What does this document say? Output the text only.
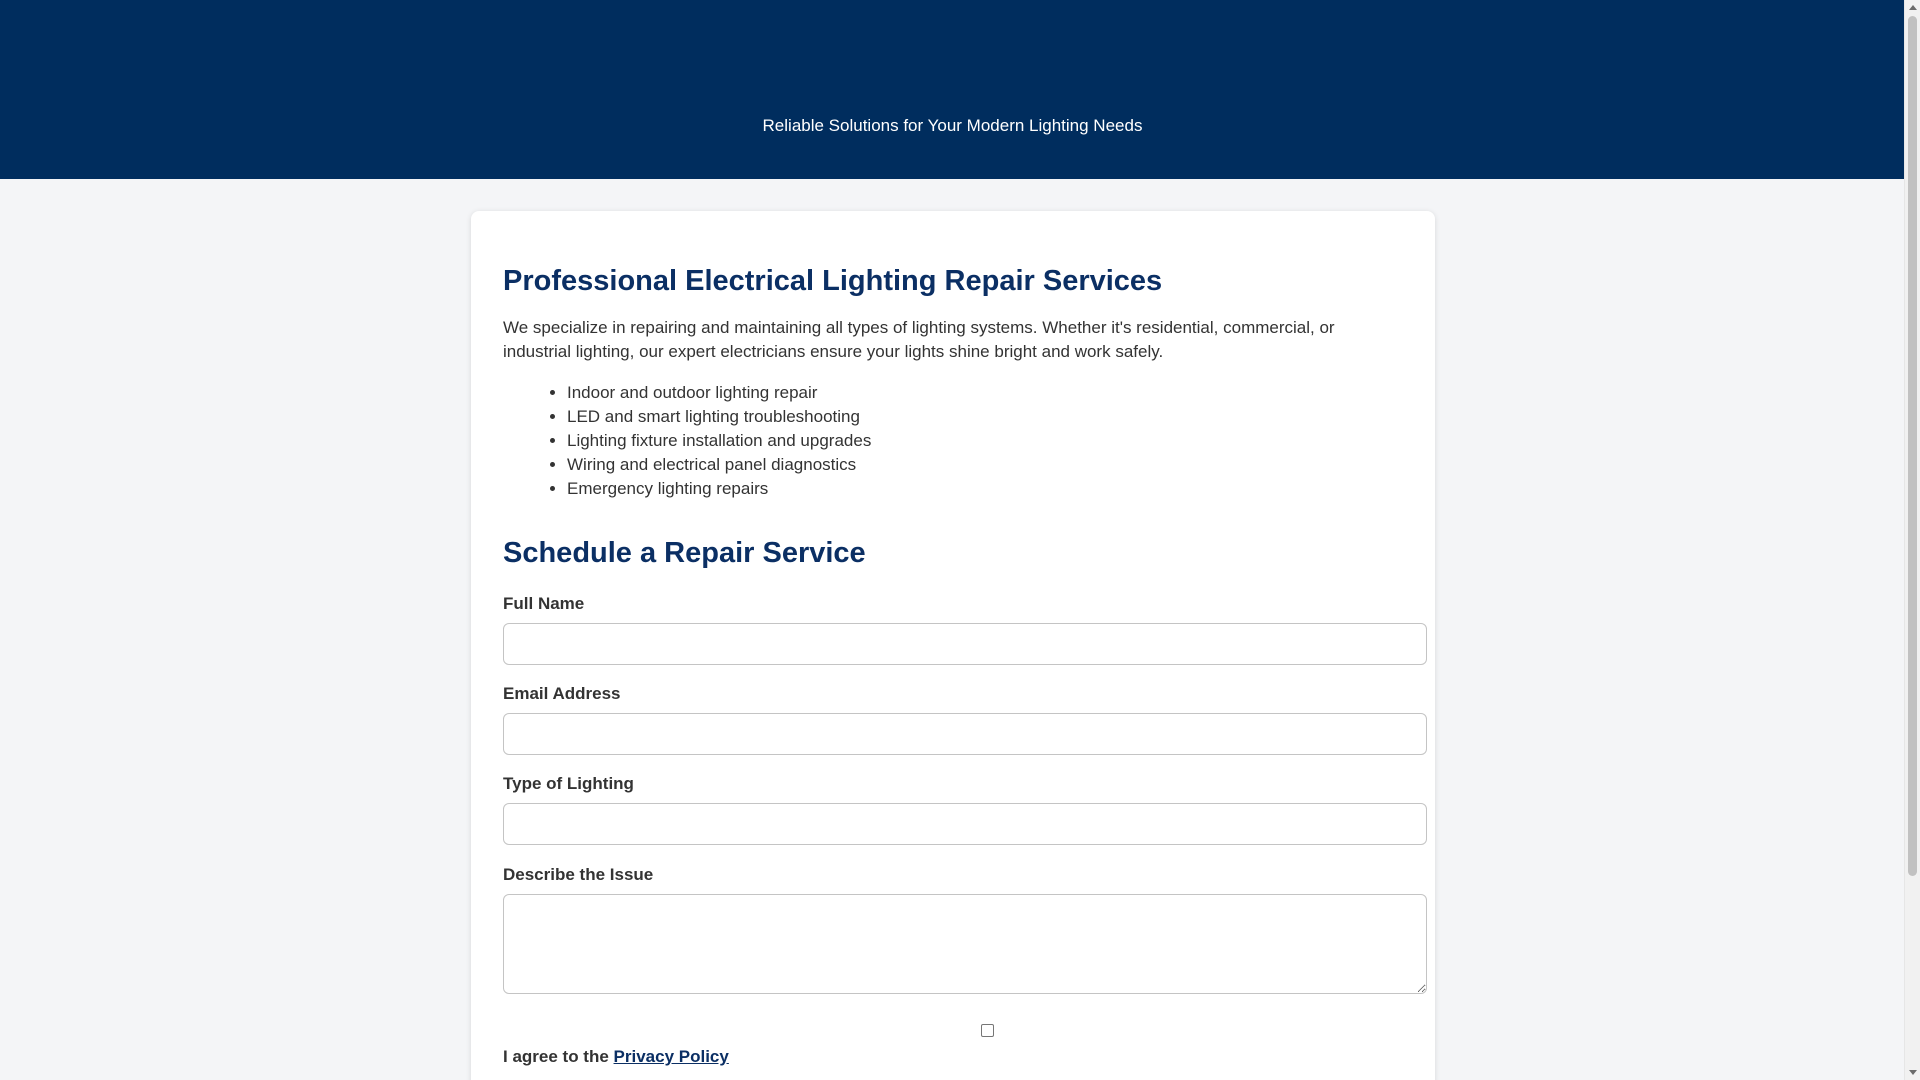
Reliable Solutions for Your Modern Lighting Needs
Professional Electrical Lighting Repair Services

We specialize in repairing and maintaining all types of lighting systems. Whether it's residential, commercial, or industrial lighting, our expert electricians ensure your lights shine bright and work safely.

• Indoor and outdoor lighting repair
• LED and smart lighting troubleshooting
• Lighting fixture installation and upgrades
• Wiring and electrical panel diagnostics
• Emergency lighting repairs
Schedule a Repair Service
Full Name
Email Address
Type of Lighting
Describe the Issue
I agree to the Privacy Policy
